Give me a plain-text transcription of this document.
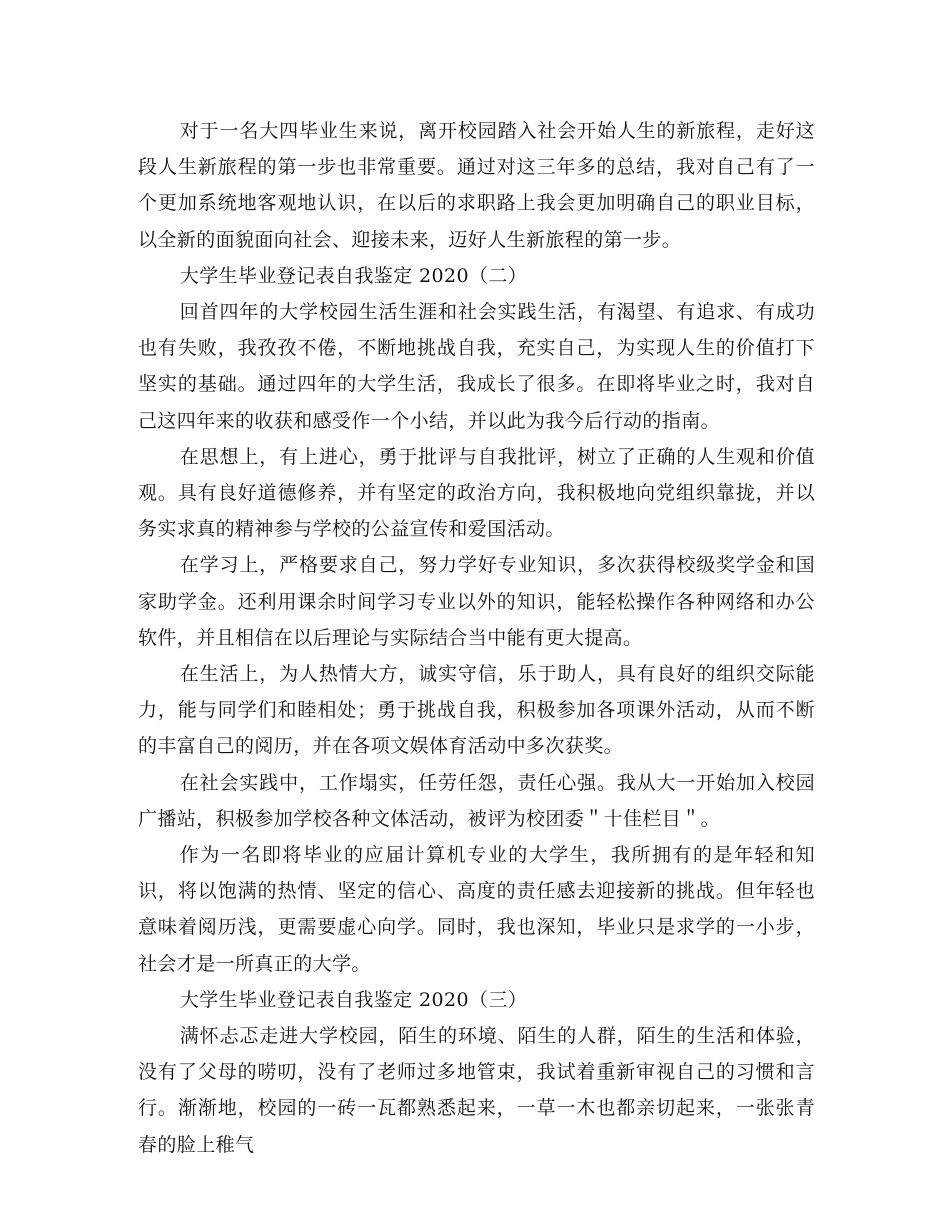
对于一名大四毕业生来说，离开校园踏入社会开始人生的新旅程，走好这段人生新旅程的第一步也非常重要。通过对这三年多的总结，我对自己有了一个更加系统地客观地认识，在以后的求职路上我会更加明确自己的职业目标，以全新的面貌面向社会、迎接未来，迈好人生新旅程的第一步。

大学生毕业登记表自我鉴定 2020（二）

回首四年的大学校园生活生涯和社会实践生活，有渴望、有追求、有成功也有失败，我孜孜不倦，不断地挑战自我，充实自己，为实现人生的价值打下坚实的基础。通过四年的大学生活，我成长了很多。在即将毕业之时，我对自己这四年来的收获和感受作一个小结，并以此为我今后行动的指南。

在思想上，有上进心，勇于批评与自我批评，树立了正确的人生观和价值观。具有良好道德修养，并有坚定的政治方向，我积极地向党组织靠拢，并以务实求真的精神参与学校的公益宣传和爱国活动。

在学习上，严格要求自己，努力学好专业知识，多次获得校级奖学金和国家助学金。还利用课余时间学习专业以外的知识，能轻松操作各种网络和办公软件，并且相信在以后理论与实际结合当中能有更大提高。

在生活上，为人热情大方，诚实守信，乐于助人，具有良好的组织交际能力，能与同学们和睦相处；勇于挑战自我，积极参加各项课外活动，从而不断的丰富自己的阅历，并在各项文娱体育活动中多次获奖。

在社会实践中，工作塌实，任劳任怨，责任心强。我从大一开始加入校园广播站，积极参加学校各种文体活动，被评为校团委＂十佳栏目＂。

作为一名即将毕业的应届计算机专业的大学生，我所拥有的是年轻和知识，将以饱满的热情、坚定的信心、高度的责任感去迎接新的挑战。但年轻也意味着阅历浅，更需要虚心向学。同时，我也深知，毕业只是求学的一小步，社会才是一所真正的大学。

大学生毕业登记表自我鉴定 2020（三）

满怀忐忑走进大学校园，陌生的环境、陌生的人群，陌生的生活和体验，没有了父母的唠叨，没有了老师过多地管束，我试着重新审视自己的习惯和言行。渐渐地，校园的一砖一瓦都熟悉起来，一草一木也都亲切起来，一张张青春的脸上稚气
